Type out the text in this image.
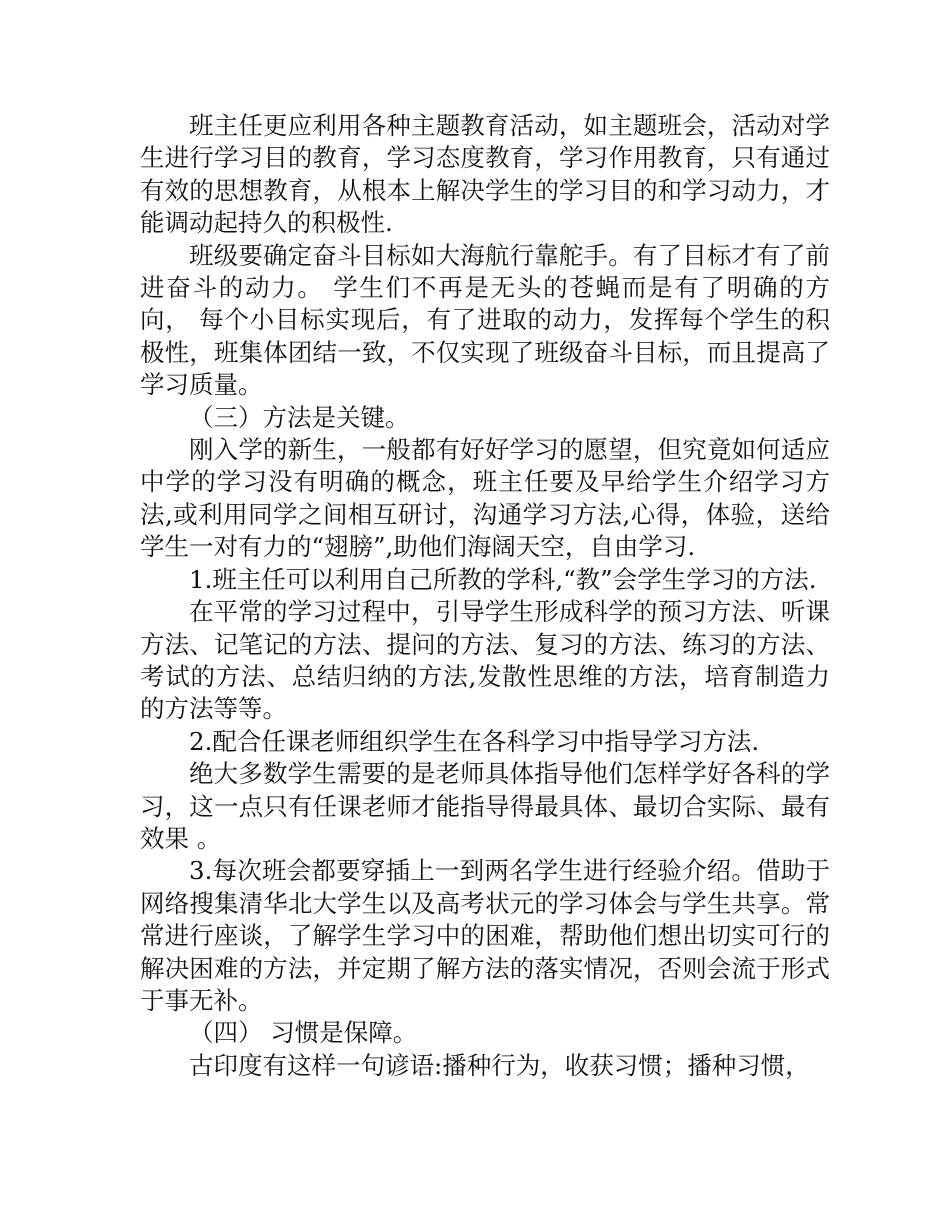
班主任更应利用各种主题教育活动，如主题班会，活动对学生进行学习目的教育，学习态度教育，学习作用教育，只有通过有效的思想教育，从根本上解决学生的学习目的和学习动力，才能调动起持久的积极性.

班级要确定奋斗目标如大海航行靠舵手。有了目标才有了前进奋斗的动力。 学生们不再是无头的苍蝇而是有了明确的方向， 每个小目标实现后，有了进取的动力，发挥每个学生的积极性，班集体团结一致，不仅实现了班级奋斗目标，而且提高了学习质量。

（三）方法是关键。

刚入学的新生，一般都有好好学习的愿望，但究竟如何适应中学的学习没有明确的概念，班主任要及早给学生介绍学习方法,或利用同学之间相互研讨，沟通学习方法,心得，体验，送给学生一对有力的“翅膀”,助他们海阔天空，自由学习.

1.班主任可以利用自己所教的学科,“教”会学生学习的方法.

在平常的学习过程中，引导学生形成科学的预习方法、听课方法、记笔记的方法、提问的方法、复习的方法、练习的方法、考试的方法、总结归纳的方法,发散性思维的方法，培育制造力的方法等等。

2.配合任课老师组织学生在各科学习中指导学习方法.

绝大多数学生需要的是老师具体指导他们怎样学好各科的学习，这一点只有任课老师才能指导得最具体、最切合实际、最有效果 。

3.每次班会都要穿插上一到两名学生进行经验介绍。借助于网络搜集清华北大学生以及高考状元的学习体会与学生共享。常常进行座谈，了解学生学习中的困难，帮助他们想出切实可行的解决困难的方法，并定期了解方法的落实情况，否则会流于形式于事无补。

（四） 习惯是保障。

古印度有这样一句谚语:播种行为，收获习惯；播种习惯，
